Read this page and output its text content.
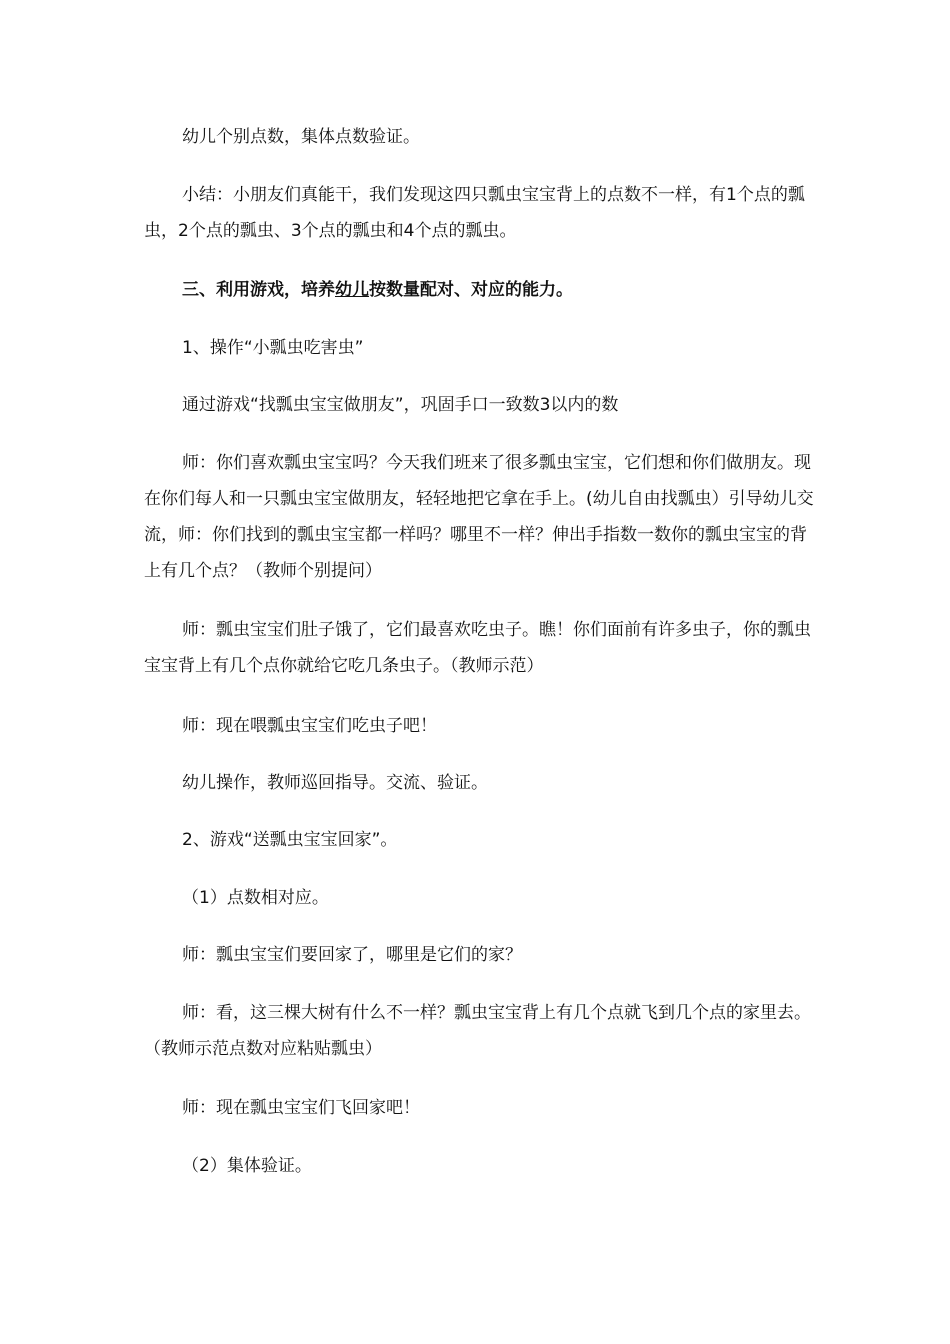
幼儿个别点数，集体点数验证。

小结：小朋友们真能干，我们发现这四只瓢虫宝宝背上的点数不一样，有1个点的瓢虫，2个点的瓢虫、3个点的瓢虫和4个点的瓢虫。

三、利用游戏，培养幼儿按数量配对、对应的能力。

1、操作“小瓢虫吃害虫”

通过游戏“找瓢虫宝宝做朋友”，巩固手口一致数3以内的数

师：你们喜欢瓢虫宝宝吗？今天我们班来了很多瓢虫宝宝，它们想和你们做朋友。现在你们每人和一只瓢虫宝宝做朋友，轻轻地把它拿在手上。(幼儿自由找瓢虫）引导幼儿交流，师：你们找到的瓢虫宝宝都一样吗？哪里不一样？伸出手指数一数你的瓢虫宝宝的背上有几个点？（教师个别提问）

师：瓢虫宝宝们肚子饿了，它们最喜欢吃虫子。瞧！你们面前有许多虫子，你的瓢虫宝宝背上有几个点你就给它吃几条虫子。（教师示范）

师：现在喂瓢虫宝宝们吃虫子吧！

幼儿操作，教师巡回指导。交流、验证。

2、游戏“送瓢虫宝宝回家”。

（1）点数相对应。

师：瓢虫宝宝们要回家了，哪里是它们的家？

师：看，这三棵大树有什么不一样？瓢虫宝宝背上有几个点就飞到几个点的家里去。（教师示范点数对应粘贴瓢虫）

师：现在瓢虫宝宝们飞回家吧！

（2）集体验证。
